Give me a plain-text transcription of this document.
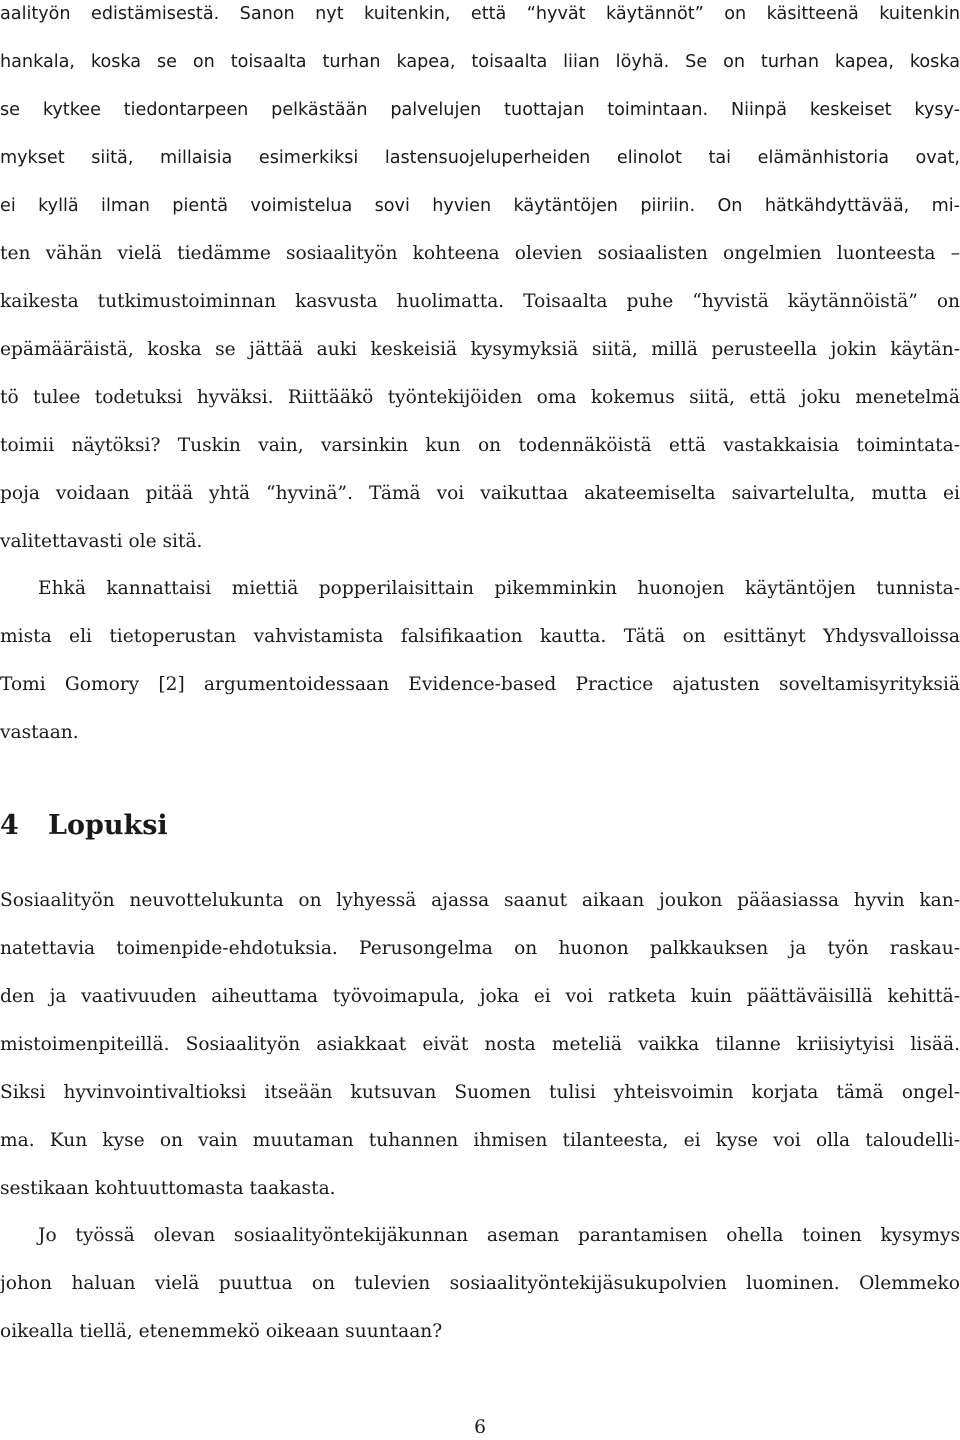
aalityön edistämisestä. Sanon nyt kuitenkin, että “hyvät käytännöt” on käsitteenä kuitenkin

hankala, koska se on toisaalta turhan kapea, toisaalta liian löyhä. Se on turhan kapea, koska

se kytkee tiedontarpeen pelkästään palvelujen tuottajan toimintaan. Niinpä keskeiset kysy-

mykset siitä, millaisia esimerkiksi lastensuojeluperheiden elinolot tai elämänhistoria ovat,

ei kyllä ilman pientä voimistelua sovi hyvien käytäntöjen piiriin. On hätkähdyttävää, mi-

ten vähän vielä tiedämme sosiaalityön kohteena olevien sosiaalisten ongelmien luonteesta –

kaikesta tutkimustoiminnan kasvusta huolimatta. Toisaalta puhe “hyvistä käytännöistä” on

epämääräistä, koska se jättää auki keskeisiä kysymyksiä siitä, millä perusteella jokin käytän-

tö tulee todetuksi hyväksi. Riittääkö työntekijöiden oma kokemus siitä, että joku menetelmä

toimii näytöksi? Tuskin vain, varsinkin kun on todennäköistä että vastakkaisia toimintata-

poja voidaan pitää yhtä “hyvinä”. Tämä voi vaikuttaa akateemiselta saivartelulta, mutta ei

valitettavasti ole sitä.

Ehkä kannattaisi miettiä popperilaisittain pikemminkin huonojen käytäntöjen tunnista-

mista eli tietoperustan vahvistamista falsifikaation kautta. Tätä on esittänyt Yhdysvalloissa

Tomi Gomory [2] argumentoidessaan Evidence-based Practice ajatusten soveltamisyrityksiä

vastaan.

4 Lopuksi

Sosiaalityön neuvottelukunta on lyhyessä ajassa saanut aikaan joukon pääasiassa hyvin kan-

natettavia toimenpide-ehdotuksia. Perusongelma on huonon palkkauksen ja työn raskau-

den ja vaativuuden aiheuttama työvoimapula, joka ei voi ratketa kuin päättäväisillä kehittä-

mistoimenpiteillä. Sosiaalityön asiakkaat eivät nosta meteliä vaikka tilanne kriisiytyisi lisää.

Siksi hyvinvointivaltioksi itseään kutsuvan Suomen tulisi yhteisvoimin korjata tämä ongel-

ma. Kun kyse on vain muutaman tuhannen ihmisen tilanteesta, ei kyse voi olla taloudelli-

sestikaan kohtuuttomasta taakasta.

Jo työssä olevan sosiaalityöntekijäkunnan aseman parantamisen ohella toinen kysymys

johon haluan vielä puuttua on tulevien sosiaalityöntekijäsukupolvien luominen. Olemmeko

oikealla tiellä, etenemmekö oikeaan suuntaan?

6
